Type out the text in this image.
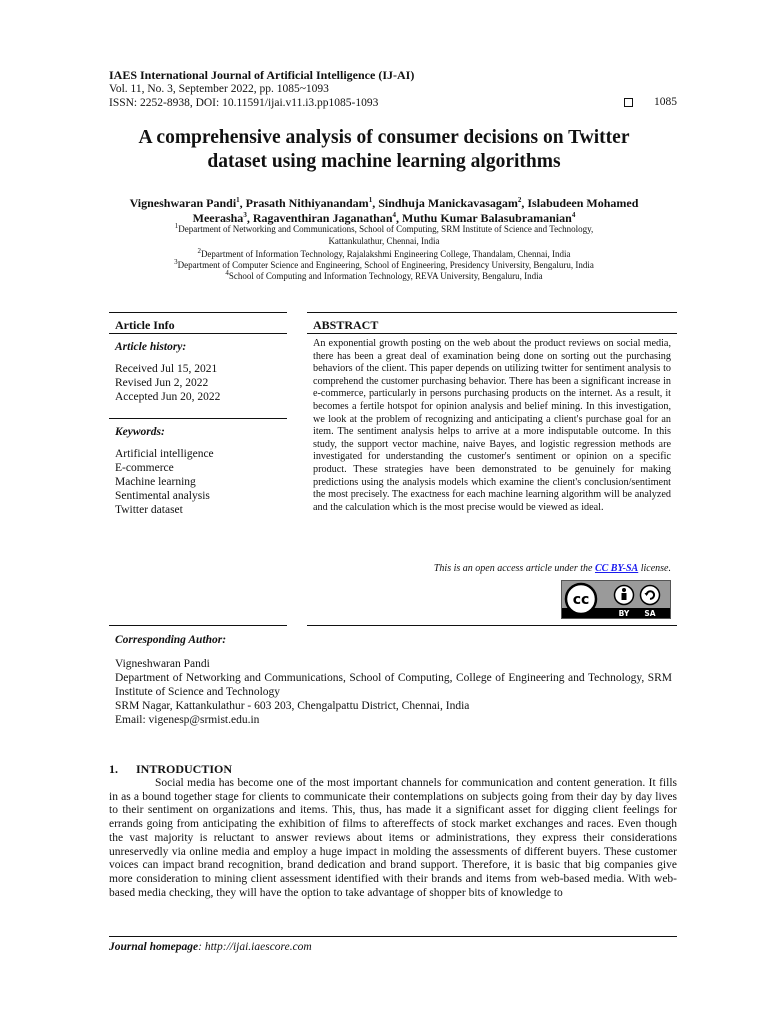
IAES International Journal of Artificial Intelligence (IJ-AI)
Vol. 11, No. 3, September 2022, pp. 1085~1093
ISSN: 2252-8938, DOI: 10.11591/ijai.v11.i3.pp1085-1093	1085
A comprehensive analysis of consumer decisions on Twitter
dataset using machine learning algorithms
Vigneshwaran Pandi$^1$, Prasath Nithiyanandam$^1$, Sindhuja Manickavasagam$^2$, Islabudeen Mohamed
Meerasha$^3$, Ragaventhiran Jaganathan$^4$, Muthu Kumar Balasubramanian$^4$
$^1$Department of Networking and Communications, School of Computing, SRM Institute of Science and Technology,
Kattankulathur, Chennai, India
$^2$Department of Information Technology, Rajalakshmi Engineering College, Thandalam, Chennai, India
$^3$Department of Computer Science and Engineering, School of Engineering, Presidency University, Bengaluru, India
$^4$School of Computing and Information Technology, REVA University, Bengaluru, India
Article Info
Article history:
Received Jul 15, 2021
Revised Jun 2, 2022
Accepted Jun 20, 2022
Keywords:
Artificial intelligence
E-commerce
Machine learning
Sentimental analysis
Twitter dataset
ABSTRACT
An exponential growth posting on the web about the product reviews on social media, there has been a great deal of examination being done on sorting out the purchasing behaviors of the client. This paper depends on utilizing twitter for sentiment analysis to comprehend the customer purchasing behavior. There has been a significant increase in e-commerce, particularly in persons purchasing products on the internet. As a result, it becomes a fertile hotspot for opinion analysis and belief mining. In this investigation, we look at the problem of recognizing and anticipating a client's purchase goal for an item. The sentiment analysis helps to arrive at a more indisputable outcome. In this study, the support vector machine, naive Bayes, and logistic regression methods are investigated for understanding the customer's sentiment or opinion on a specific product. These strategies have been demonstrated to be genuinely for making predictions using the analysis models which examine the client's conclusion/sentiment the most precisely. The exactness for each machine learning algorithm will be analyzed and the calculation which is the most precise would be viewed as ideal.
This is an open access article under the CC BY-SA license.
cc
BY SA
Corresponding Author:
Vigneshwaran Pandi
Department of Networking and Communications, School of Computing, College of Engineering and Technology, SRM Institute of Science and Technology
SRM Nagar, Kattankulathur - 603 203, Chengalpattu District, Chennai, India
Email: vigenesp@srmist.edu.in
1.      INTRODUCTION
Social media has become one of the most important channels for communication and content generation. It fills in as a bound together stage for clients to communicate their contemplations on subjects going from their day by day lives to their sentiment on organizations and items. This, thus, has made it a significant asset for digging client feelings for errands going from anticipating the exhibition of films to aftereffects of stock market exchanges and races. Even though the vast majority is reluctant to answer reviews about items or administrations, they express their considerations unreservedly via online media and employ a huge impact in molding the assessments of different buyers. These customer voices can impact brand recognition, brand dedication and brand support. Therefore, it is basic that big companies give more consideration to mining client assessment identified with their brands and items from web-based media. With web-based media checking, they will have the option to take advantage of shopper bits of knowledge to
Journal homepage: http://ijai.iaescore.com
